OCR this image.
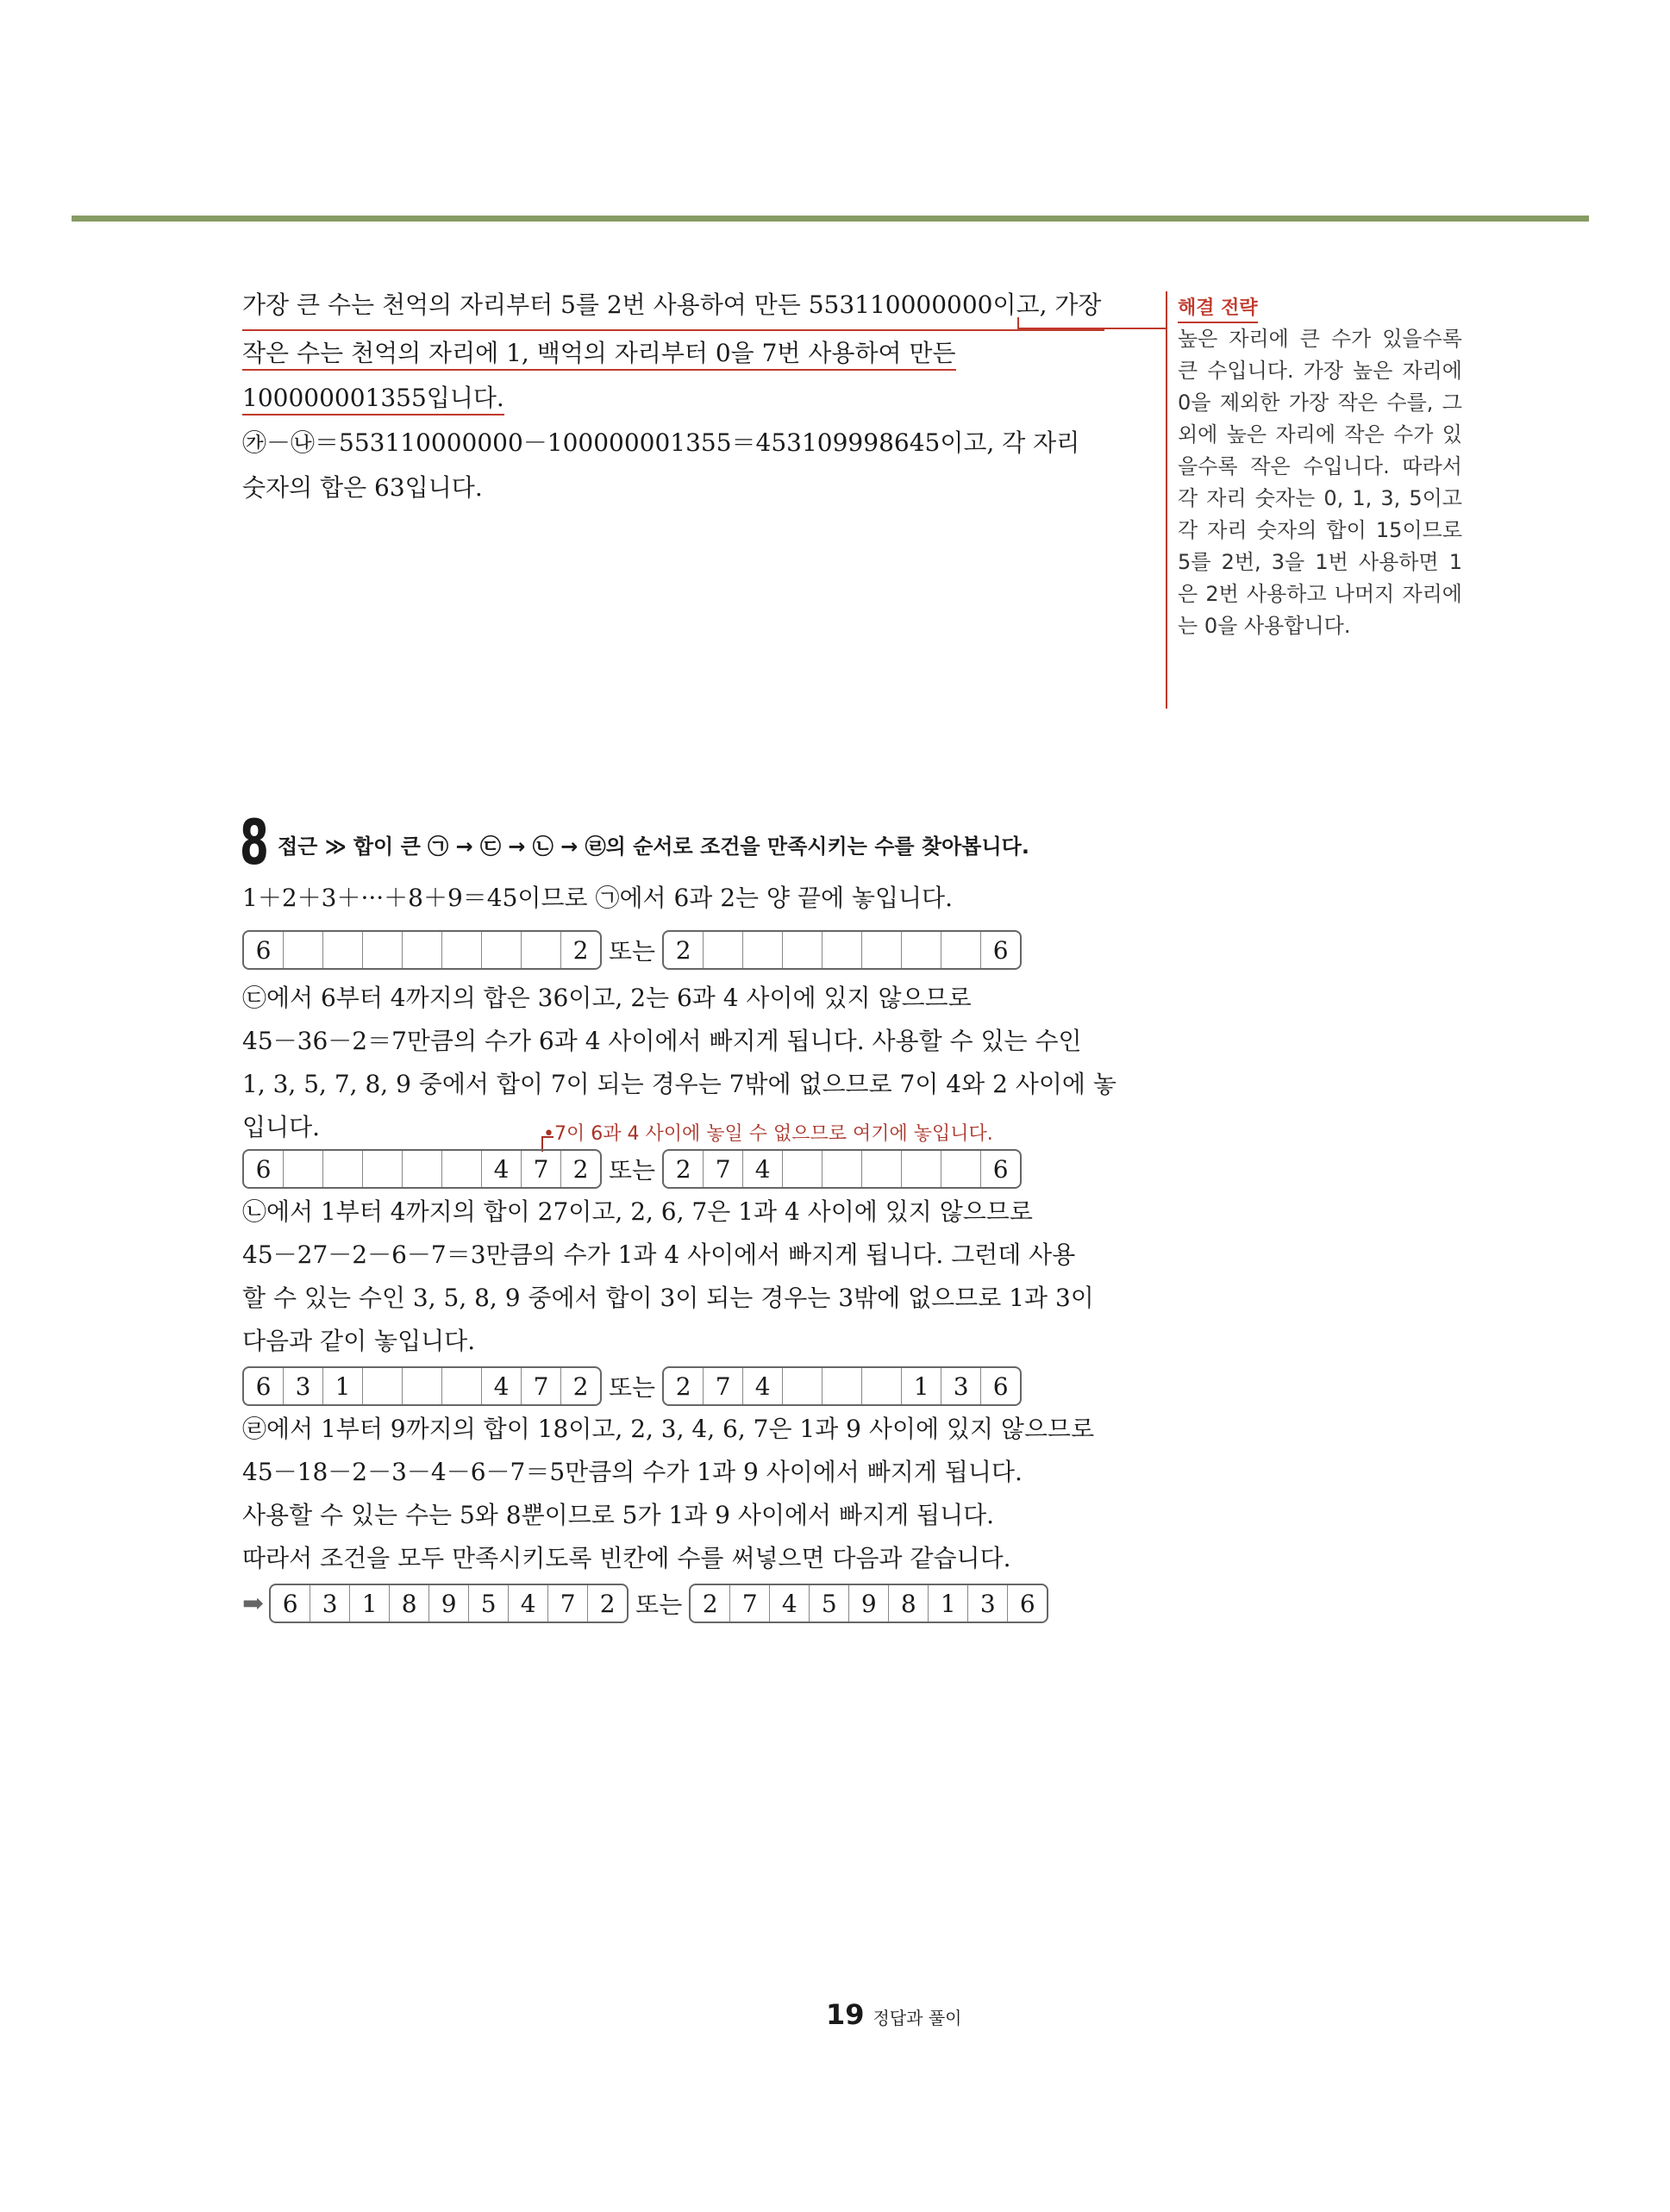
가장 큰 수는 천억의 자리부터 5를 2번 사용하여 만든 553110000000이고, 가장
작은 수는 천억의 자리에 1, 백억의 자리부터 0을 7번 사용하여 만든
100000001355입니다.
㉮－㉯＝553110000000－100000001355＝453109998645이고, 각 자리
숫자의 합은 63입니다.
해결 전략
높은 자리에 큰 수가 있을수록 큰 수입니다. 가장 높은 자리에 0을 제외한 가장 작은 수를, 그 외에 높은 자리에 작은 수가 있을수록 작은 수입니다. 따라서 각 자리 숫자는 0, 1, 3, 5이고 각 자리 숫자의 합이 15이므로 5를 2번, 3을 1번 사용하면 1은 2번 사용하고 나머지 자리에는 0을 사용합니다.
8 접근 ≫ 합이 큰 ㉠ → ㉢ → ㉡ → ㉣의 순서로 조건을 만족시키는 수를 찾아봅니다.
1＋2＋3＋···＋8＋9＝45이므로 ㉠에서 6과 2는 양 끝에 놓입니다.
6	2 또는 2	6
㉢에서 6부터 4까지의 합은 36이고, 2는 6과 4 사이에 있지 않으므로
45－36－2＝7만큼의 수가 6과 4 사이에서 빠지게 됩니다. 사용할 수 있는 수인
1, 3, 5, 7, 8, 9 중에서 합이 7이 되는 경우는 7밖에 없으므로 7이 4와 2 사이에 놓
입니다.	•7이 6과 4 사이에 놓일 수 없으므로 여기에 놓입니다.
6	4	7	2 또는 2	7	4	6
㉡에서 1부터 4까지의 합이 27이고, 2, 6, 7은 1과 4 사이에 있지 않으므로
45－27－2－6－7＝3만큼의 수가 1과 4 사이에서 빠지게 됩니다. 그런데 사용
할 수 있는 수인 3, 5, 8, 9 중에서 합이 3이 되는 경우는 3밖에 없으므로 1과 3이
다음과 같이 놓입니다.
6	3	1	4	7	2 또는 2	7	4	1	3	6
㉣에서 1부터 9까지의 합이 18이고, 2, 3, 4, 6, 7은 1과 9 사이에 있지 않으므로
45－18－2－3－4－6－7＝5만큼의 수가 1과 9 사이에서 빠지게 됩니다.
사용할 수 있는 수는 5와 8뿐이므로 5가 1과 9 사이에서 빠지게 됩니다.
따라서 조건을 모두 만족시키도록 빈칸에 수를 써넣으면 다음과 같습니다.
➡ 6	3	1	8	9	5	4	7	2 또는 2	7	4	5	9	8	1	3	6
19 정답과 풀이
